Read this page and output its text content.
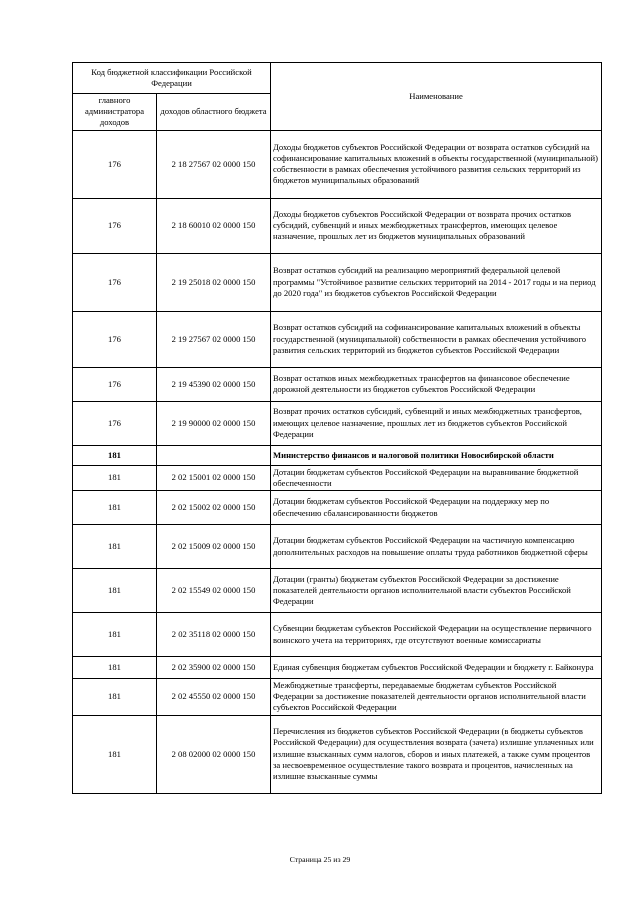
Код бюджетной классификации Российской Федерации		Наименование
главного администратора доходов	доходов областного бюджета	
176	2 18 27567 02 0000 150	Доходы бюджетов субъектов Российской Федерации от возврата остатков субсидий на софинансирование капитальных вложений в объекты государственной (муниципальной) собственности в рамках обеспечения устойчивого развития сельских территорий из бюджетов муниципальных образований
176	2 18 60010 02 0000 150	Доходы бюджетов субъектов Российской Федерации от возврата прочих остатков субсидий, субвенций и иных межбюджетных трансфертов, имеющих целевое назначение, прошлых лет из бюджетов муниципальных образований
176	2 19 25018 02 0000 150	Возврат остатков субсидий на реализацию мероприятий федеральной целевой программы "Устойчивое развитие сельских территорий на 2014 - 2017 годы и на период до 2020 года" из бюджетов субъектов Российской Федерации
176	2 19 27567 02 0000 150	Возврат остатков субсидий на софинансирование капитальных вложений в объекты государственной (муниципальной) собственности в рамках обеспечения устойчивого развития сельских территорий из бюджетов субъектов Российской Федерации
176	2 19 45390 02 0000 150	Возврат остатков иных межбюджетных трансфертов на финансовое обеспечение дорожной деятельности из бюджетов субъектов Российской Федерации
176	2 19 90000 02 0000 150	Возврат прочих остатков субсидий, субвенций и иных межбюджетных трансфертов, имеющих целевое назначение, прошлых лет из бюджетов субъектов Российской Федерации
181		Министерство финансов и налоговой политики Новосибирской области
181	2 02 15001 02 0000 150	Дотации бюджетам субъектов Российской Федерации на выравнивание бюджетной обеспеченности
181	2 02 15002 02 0000 150	Дотации бюджетам субъектов Российской Федерации на поддержку мер по обеспечению сбалансированности бюджетов
181	2 02 15009 02 0000 150	Дотации бюджетам субъектов Российской Федерации на частичную компенсацию дополнительных расходов на повышение оплаты труда работников бюджетной сферы
181	2 02 15549 02 0000 150	Дотации (гранты) бюджетам субъектов Российской Федерации за достижение показателей деятельности органов исполнительной власти субъектов Российской Федерации
181	2 02 35118 02 0000 150	Субвенции бюджетам субъектов Российской Федерации на осуществление первичного воинского учета на территориях, где отсутствуют военные комиссариаты
181	2 02 35900 02 0000 150	Единая субвенция бюджетам субъектов Российской Федерации и бюджету г. Байконура
181	2 02 45550 02 0000 150	Межбюджетные трансферты, передаваемые бюджетам субъектов Российской Федерации за достижение показателей деятельности органов исполнительной власти субъектов Российской Федерации
181	2 08 02000 02 0000 150	Перечисления из бюджетов субъектов Российской Федерации (в бюджеты субъектов Российской Федерации) для осуществления возврата (зачета) излишне уплаченных или излишне взысканных сумм налогов, сборов и иных платежей, а также сумм процентов за несвоевременное осуществление такого возврата и процентов, начисленных на излишне взысканные суммы
Страница 25 из 29
